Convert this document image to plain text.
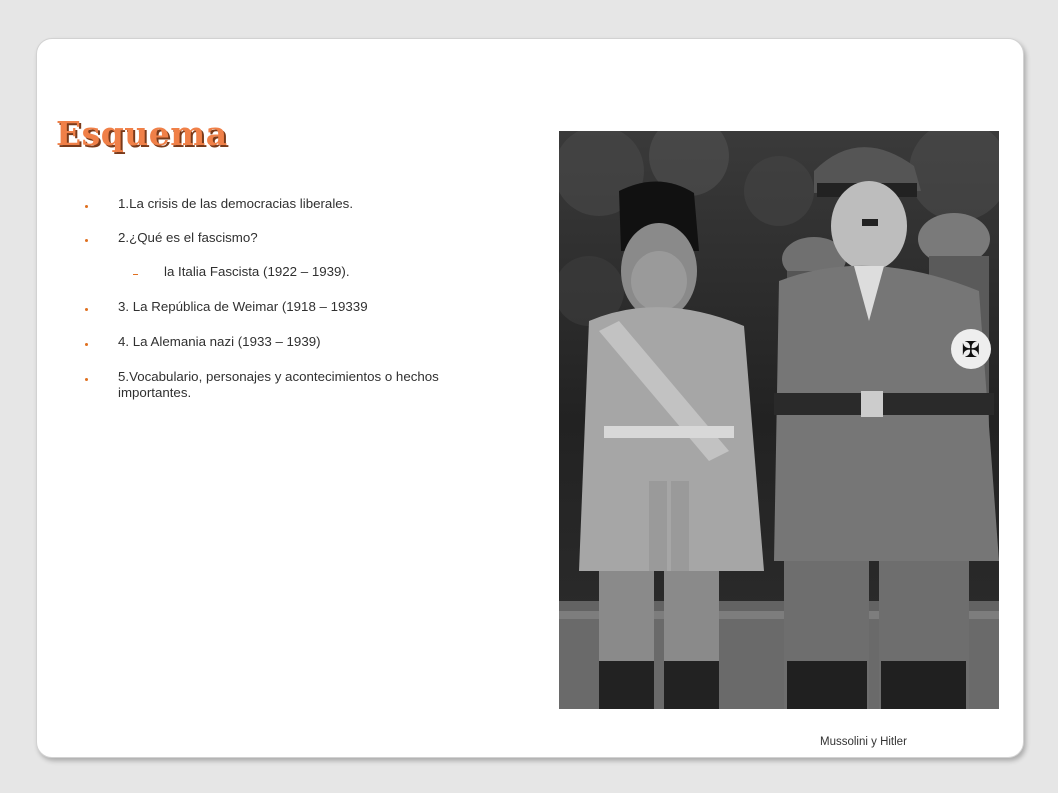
Esquema
1.La crisis de las democracias liberales.
2.¿Qué es el fascismo?
la Italia Fascista (1922 – 1939).
3. La República de Weimar (1918 – 19339
4. La Alemania nazi (1933 – 1939)
5.Vocabulario, personajes y acontecimientos o hechos importantes.
✠
Mussolini y Hitler
